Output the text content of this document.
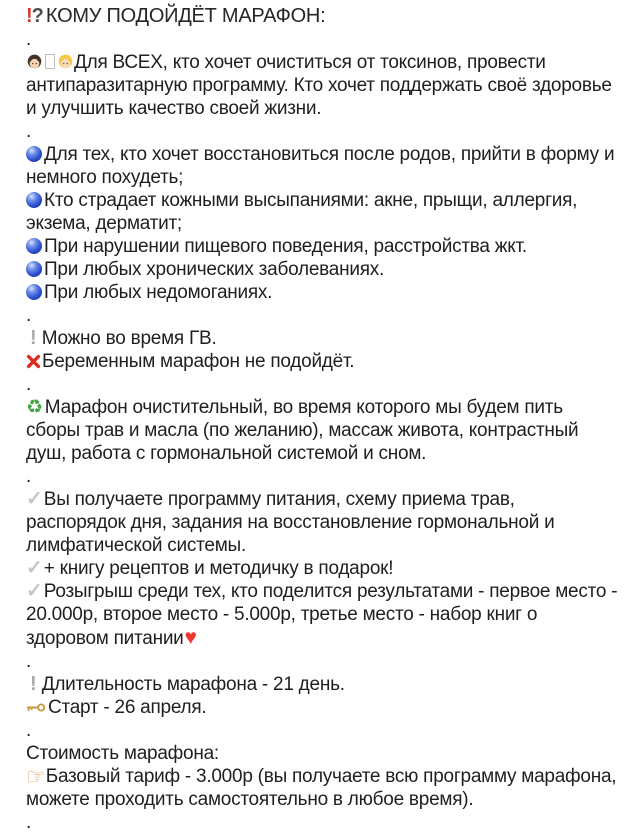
!? КОМУ ПОДОЙДЁТ МАРАФОН:

.

Для ВСЕХ, кто хочет очиститься от токсинов, провести антипаразитарную программу. Кто хочет поддержать своё здоровье и улучшить качество своей жизни.

.

Для тех, кто хочет восстановиться после родов, прийти в форму и немного похудеть;

Кто страдает кожными высыпаниями: акне, прыщи, аллергия, экзема, дерматит;

При нарушении пищевого поведения, расстройства жкт.

При любых хронических заболеваниях.

При любых недомоганиях.

.

! Можно во время ГВ.

Беременным марафон не подойдёт.

.

♻ Марафон очистительный, во время которого мы будем пить сборы трав и масла (по желанию), массаж живота, контрастный душ, работа с гормональной системой и сном.

.

✓Вы получаете программу питания, схему приема трав, распорядок дня, задания на восстановление гормональной и лимфатической системы.

✓+ книгу рецептов и методичку в подарок!

✓Розыгрыш среди тех, кто поделится результатами - первое место - 20.000р, второе место - 5.000р, третье место - набор книг о здоровом питании♥

.

! Длительность марафона - 21 день.

Старт - 26 апреля.

.

Стоимость марафона:

☞Базовый тариф - 3.000р (вы получаете всю программу марафона, можете проходить самостоятельно в любое время).

.
